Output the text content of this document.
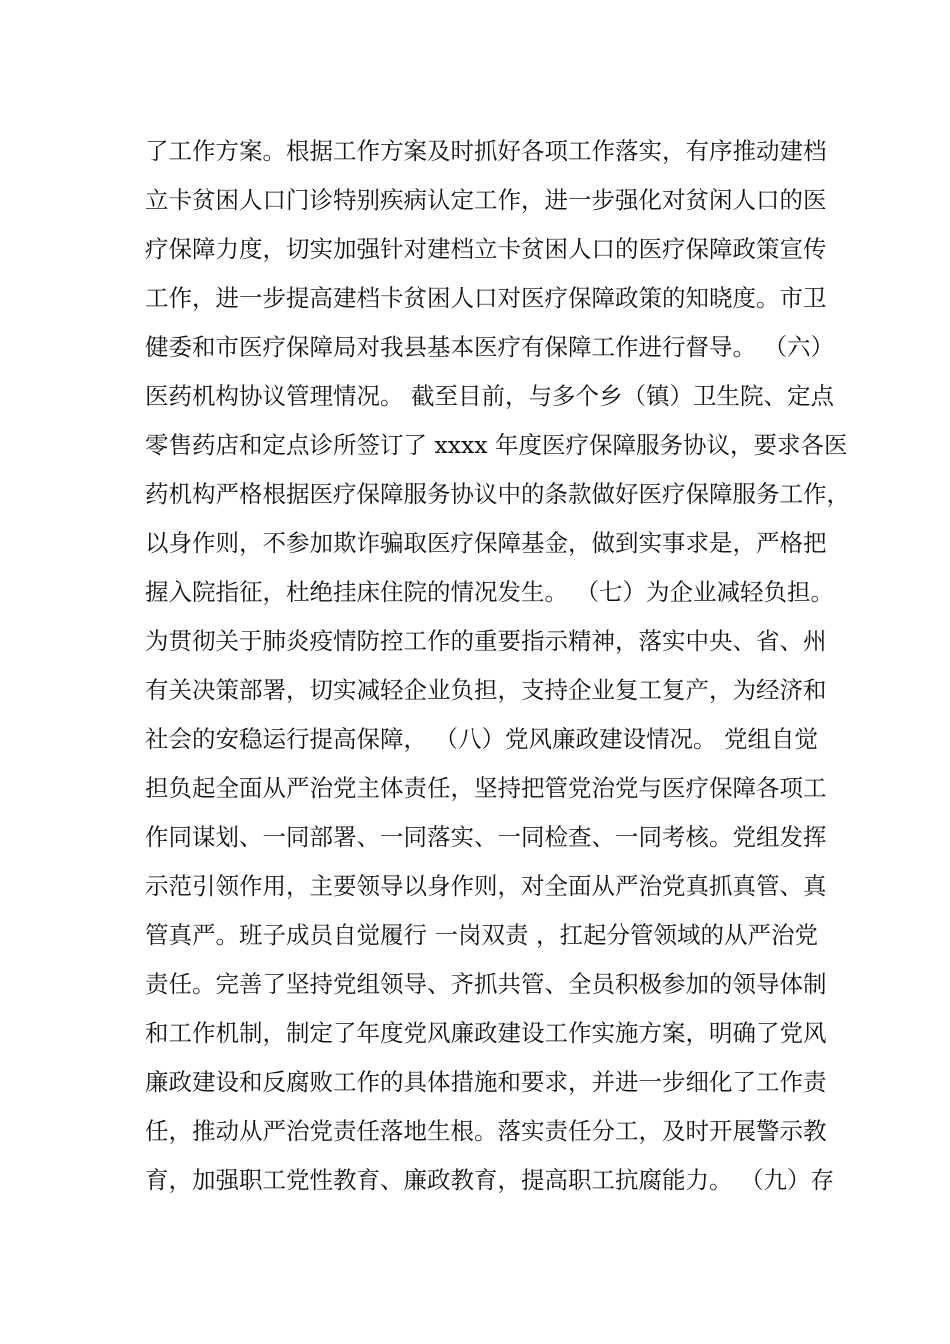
了工作方案。根据工作方案及时抓好各项工作落实，有序推动建档
立卡贫困人口门诊特别疾病认定工作，进一步强化对贫闲人口的医
疗保障力度，切实加强针对建档立卡贫困人口的医疗保障政策宣传
工作，进一步提高建档卡贫困人口对医疗保障政策的知晓度。市卫
健委和市医疗保障局对我县基本医疗有保障工作进行督导。 （六）
医药机构协议管理情况。 截至目前，与多个乡（镇）卫生院、定点
零售药店和定点诊所签订了 xxxx 年度医疗保障服务协议，要求各医
药机构严格根据医疗保障服务协议中的条款做好医疗保障服务工作，
以身作则，不参加欺诈骗取医疗保障基金，做到实事求是，严格把
握入院指征，杜绝挂床住院的情况发生。 （七）为企业减轻负担。
为贯彻关于肺炎疫情防控工作的重要指示精神，落实中央、省、州
有关决策部署，切实减轻企业负担，支持企业复工复产，为经济和
社会的安稳运行提高保障， （八）党风廉政建设情况。 党组自觉
担负起全面从严治党主体责任，坚持把管党治党与医疗保障各项工
作同谋划、一同部署、一同落实、一同检查、一同考核。党组发挥
示范引领作用，主要领导以身作则，对全面从严治党真抓真管、真
管真严。班子成员自觉履行 一岗双责 ，扛起分管领域的从严治党
责任。完善了坚持党组领导、齐抓共管、全员积极参加的领导体制
和工作机制，制定了年度党风廉政建设工作实施方案，明确了党风
廉政建设和反腐败工作的具体措施和要求，并进一步细化了工作责
任，推动从严治党责任落地生根。落实责任分工，及时开展警示教
育，加强职工党性教育、廉政教育，提高职工抗腐能力。 （九）存
